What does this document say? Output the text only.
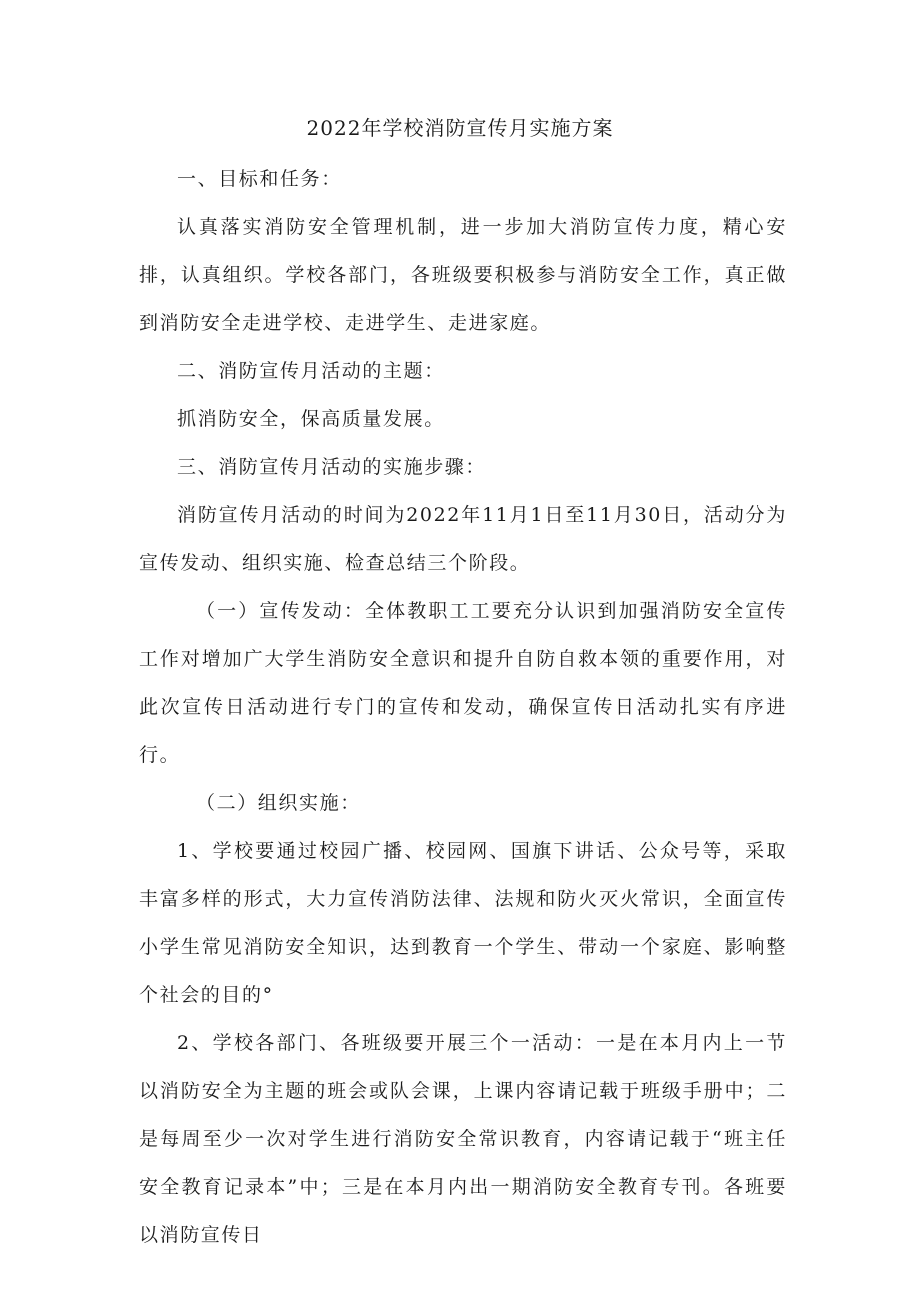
2022年学校消防宣传月实施方案

一、目标和任务：

认真落实消防安全管理机制，进一步加大消防宣传力度，精心安排，认真组织。学校各部门，各班级要积极参与消防安全工作，真正做到消防安全走进学校、走进学生、走进家庭。

二、消防宣传月活动的主题：

抓消防安全，保高质量发展。

三、消防宣传月活动的实施步骤：

消防宣传月活动的时间为2022年11月1日至11月30日，活动分为宣传发动、组织实施、检查总结三个阶段。

（一）宣传发动：全体教职工工要充分认识到加强消防安全宣传工作对增加广大学生消防安全意识和提升自防自救本领的重要作用，对此次宣传日活动进行专门的宣传和发动，确保宣传日活动扎实有序进行。

（二）组织实施：

1、学校要通过校园广播、校园网、国旗下讲话、公众号等，采取丰富多样的形式，大力宣传消防法律、法规和防火灭火常识，全面宣传小学生常见消防安全知识，达到教育一个学生、带动一个家庭、影响整个社会的目的°

2、学校各部门、各班级要开展三个一活动：一是在本月内上一节以消防安全为主题的班会或队会课，上课内容请记载于班级手册中；二是每周至少一次对学生进行消防安全常识教育，内容请记载于“班主任安全教育记录本”中；三是在本月内出一期消防安全教育专刊。各班要以消防宣传日
